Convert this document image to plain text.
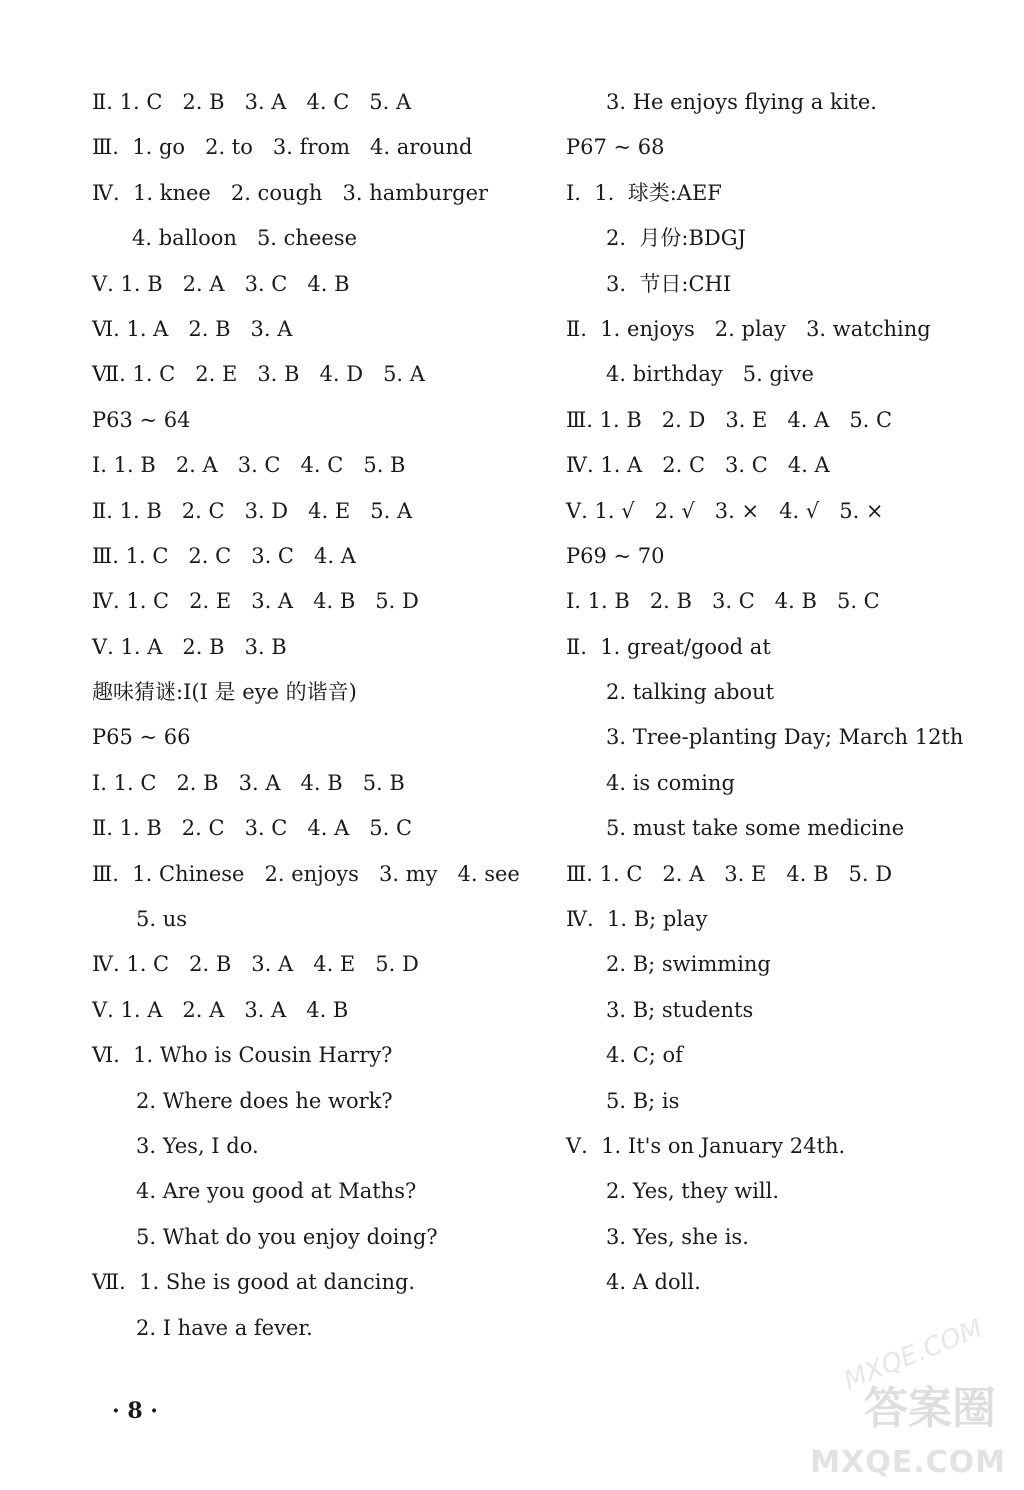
Ⅱ. 1. C   2. B   3. A   4. C   5. A
Ⅲ.  1. go   2. to   3. from   4. around
Ⅳ.  1. knee   2. cough   3. hamburger
4. balloon   5. cheese
Ⅴ. 1. B   2. A   3. C   4. B
Ⅵ. 1. A   2. B   3. A
Ⅶ. 1. C   2. E   3. B   4. D   5. A
P63 ~ 64
Ⅰ. 1. B   2. A   3. C   4. C   5. B
Ⅱ. 1. B   2. C   3. D   4. E   5. A
Ⅲ. 1. C   2. C   3. C   4. A
Ⅳ. 1. C   2. E   3. A   4. B   5. D
Ⅴ. 1. A   2. B   3. B
趣味猜谜:I(I 是 eye 的谐音)
P65 ~ 66
Ⅰ. 1. C   2. B   3. A   4. B   5. B
Ⅱ. 1. B   2. C   3. C   4. A   5. C
Ⅲ.  1. Chinese   2. enjoys   3. my   4. see
5. us
Ⅳ. 1. C   2. B   3. A   4. E   5. D
Ⅴ. 1. A   2. A   3. A   4. B
Ⅵ.  1. Who is Cousin Harry?
2. Where does he work?
3. Yes, I do.
4. Are you good at Maths?
5. What do you enjoy doing?
Ⅶ.  1. She is good at dancing.
2. I have a fever.
3. He enjoys flying a kite.
P67 ~ 68
Ⅰ.  1.  球类:AEF
2.  月份:BDGJ
3.  节日:CHI
Ⅱ.  1. enjoys   2. play   3. watching
4. birthday   5. give
Ⅲ. 1. B   2. D   3. E   4. A   5. C
Ⅳ. 1. A   2. C   3. C   4. A
Ⅴ. 1. √   2. √   3. ×   4. √   5. ×
P69 ~ 70
Ⅰ. 1. B   2. B   3. C   4. B   5. C
Ⅱ.  1. great/good at
2. talking about
3. Tree-planting Day; March 12th
4. is coming
5. must take some medicine
Ⅲ. 1. C   2. A   3. E   4. B   5. D
Ⅳ.  1. B; play
2. B; swimming
3. B; students
4. C; of
5. B; is
Ⅴ.  1. It's on January 24th.
2. Yes, they will.
3. Yes, she is.
4. A doll.
· 8 ·
MXQE.COM
答案圈
MXQE.COM
